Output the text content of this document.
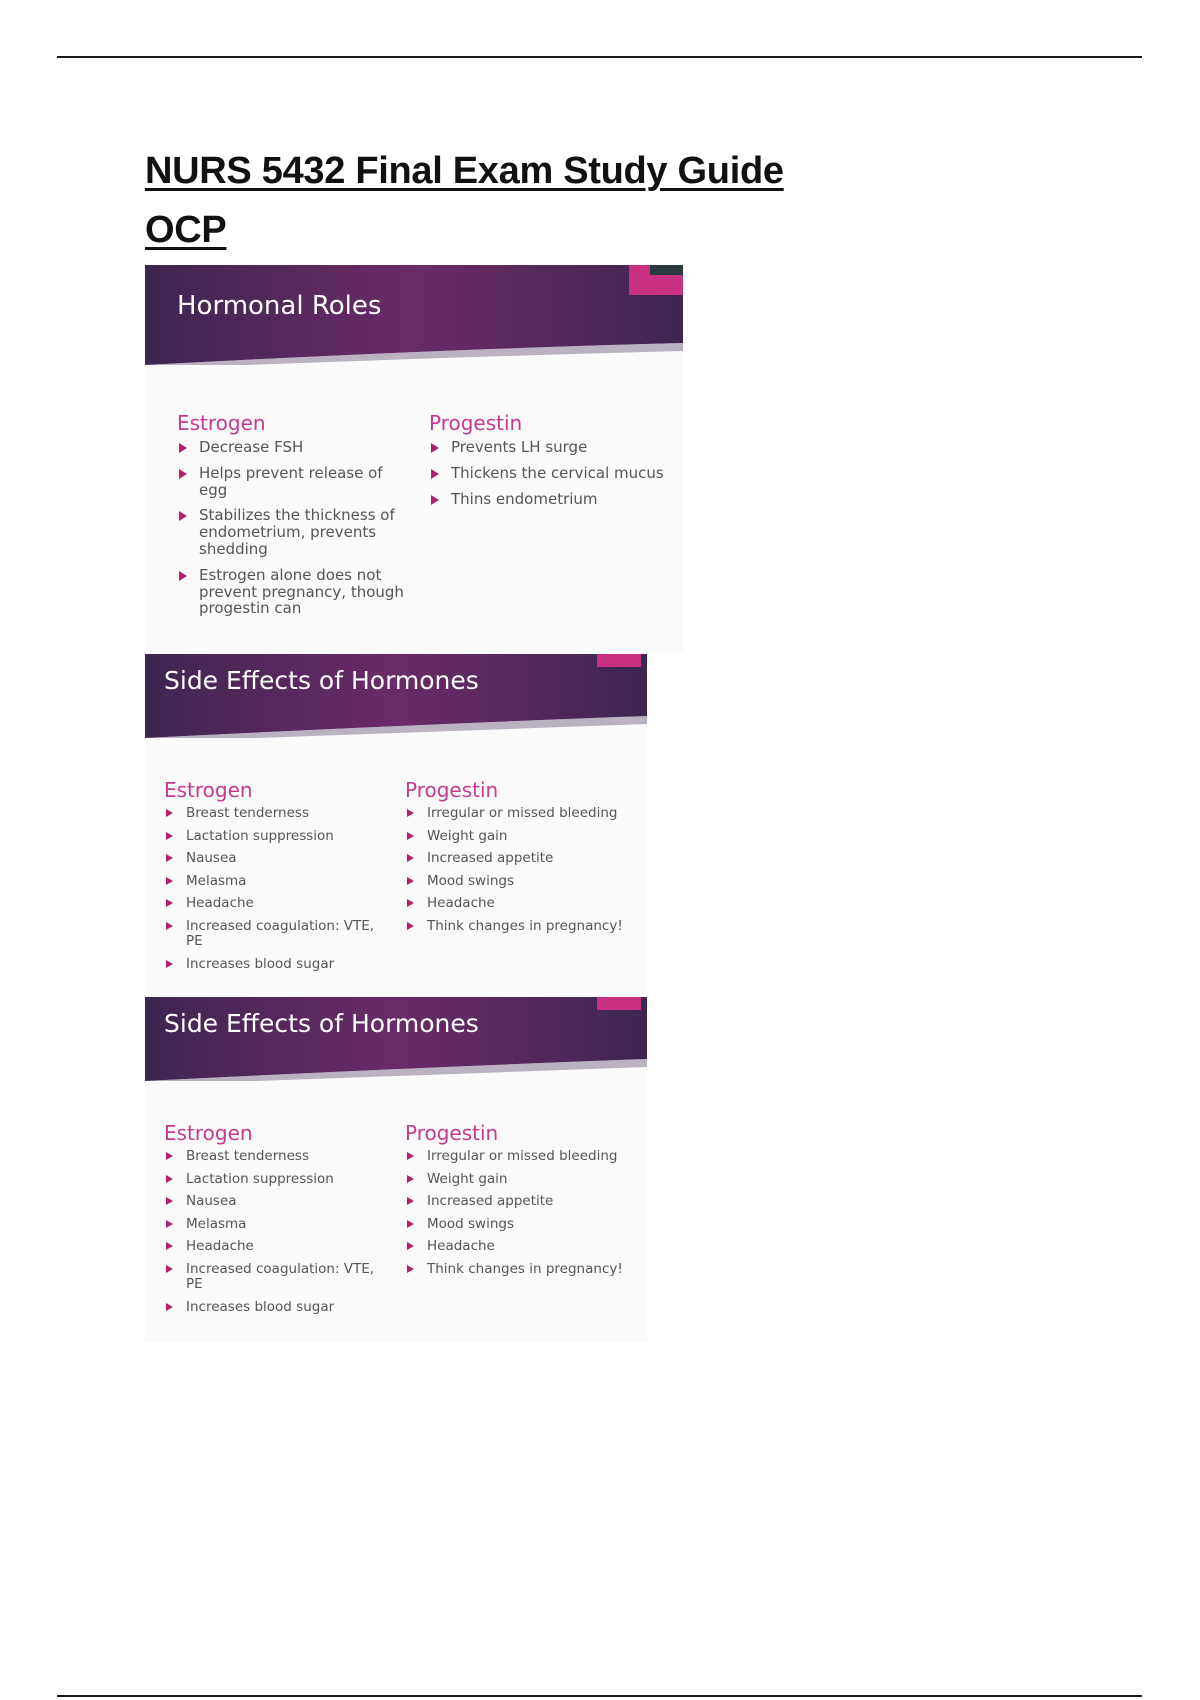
NURS 5432 Final Exam Study Guide
OCP
Hormonal Roles
Estrogen
Decrease FSH
Helps prevent release of egg
Stabilizes the thickness of endometrium, prevents shedding
Estrogen alone does not prevent pregnancy, though progestin can
Progestin
Prevents LH surge
Thickens the cervical mucus
Thins endometrium
Side Effects of Hormones
Estrogen
Breast tenderness
Lactation suppression
Nausea
Melasma
Headache
Increased coagulation: VTE, PE
Increases blood sugar
Progestin
Irregular or missed bleeding
Weight gain
Increased appetite
Mood swings
Headache
Think changes in pregnancy!
Side Effects of Hormones
Estrogen
Breast tenderness
Lactation suppression
Nausea
Melasma
Headache
Increased coagulation: VTE, PE
Increases blood sugar
Progestin
Irregular or missed bleeding
Weight gain
Increased appetite
Mood swings
Headache
Think changes in pregnancy!
